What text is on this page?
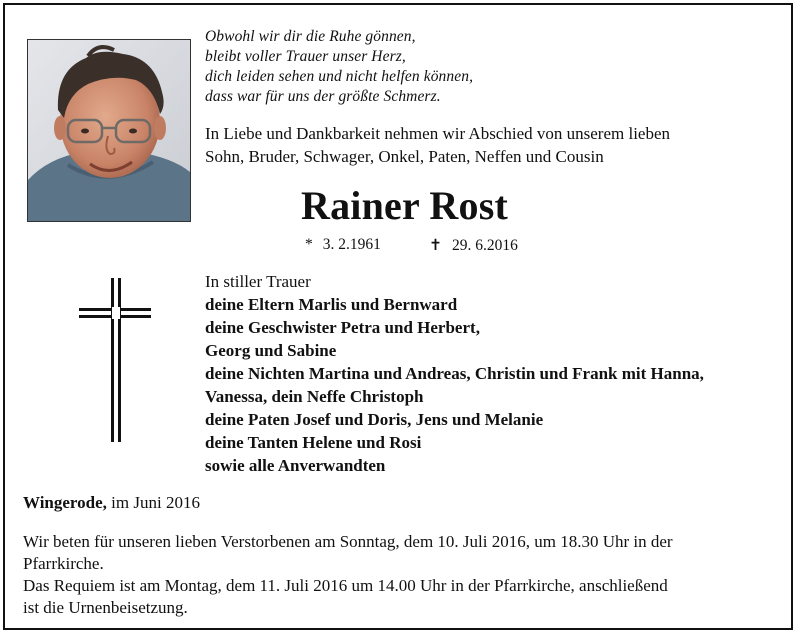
Obwohl wir dir die Ruhe gönnen,
bleibt voller Trauer unser Herz,
dich leiden sehen und nicht helfen können,
dass war für uns der größte Schmerz.
In Liebe und Dankbarkeit nehmen wir Abschied von unserem lieben
Sohn, Bruder, Schwager, Onkel, Paten, Neffen und Cousin
Rainer Rost
* 3. 2.1961	✝ 29. 6.2016
In stiller Trauer
deine Eltern Marlis und Bernward
deine Geschwister Petra und Herbert,
Georg und Sabine
deine Nichten Martina und Andreas, Christin und Frank mit Hanna,
Vanessa, dein Neffe Christoph
deine Paten Josef und Doris, Jens und Melanie
deine Tanten Helene und Rosi
sowie alle Anverwandten
Wingerode, im Juni 2016
Wir beten für unseren lieben Verstorbenen am Sonntag, dem 10. Juli 2016, um 18.30 Uhr in der
Pfarrkirche.
Das Requiem ist am Montag, dem 11. Juli 2016 um 14.00 Uhr in der Pfarrkirche, anschließend
ist die Urnenbeisetzung.
